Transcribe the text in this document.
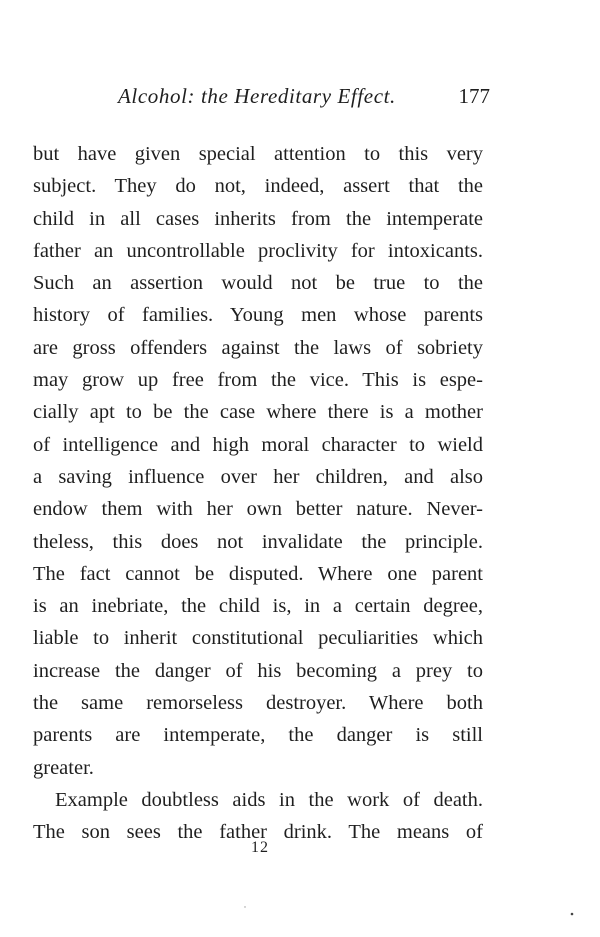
Alcohol: the Hereditary Effect.	177
but have given special attention to this very
subject. They do not, indeed, assert that the
child in all cases inherits from the intemperate
father an uncontrollable proclivity for intoxicants.
Such an assertion would not be true to the
history of families. Young men whose parents
are gross offenders against the laws of sobriety
may grow up free from the vice. This is espe-
cially apt to be the case where there is a mother
of intelligence and high moral character to wield
a saving influence over her children, and also
endow them with her own better nature. Never-
theless, this does not invalidate the principle.
The fact cannot be disputed. Where one parent
is an inebriate, the child is, in a certain degree,
liable to inherit constitutional peculiarities which
increase the danger of his becoming a prey to
the same remorseless destroyer. Where both
parents are intemperate, the danger is still
greater.
Example doubtless aids in the work of death.
The son sees the father drink. The means of
12
